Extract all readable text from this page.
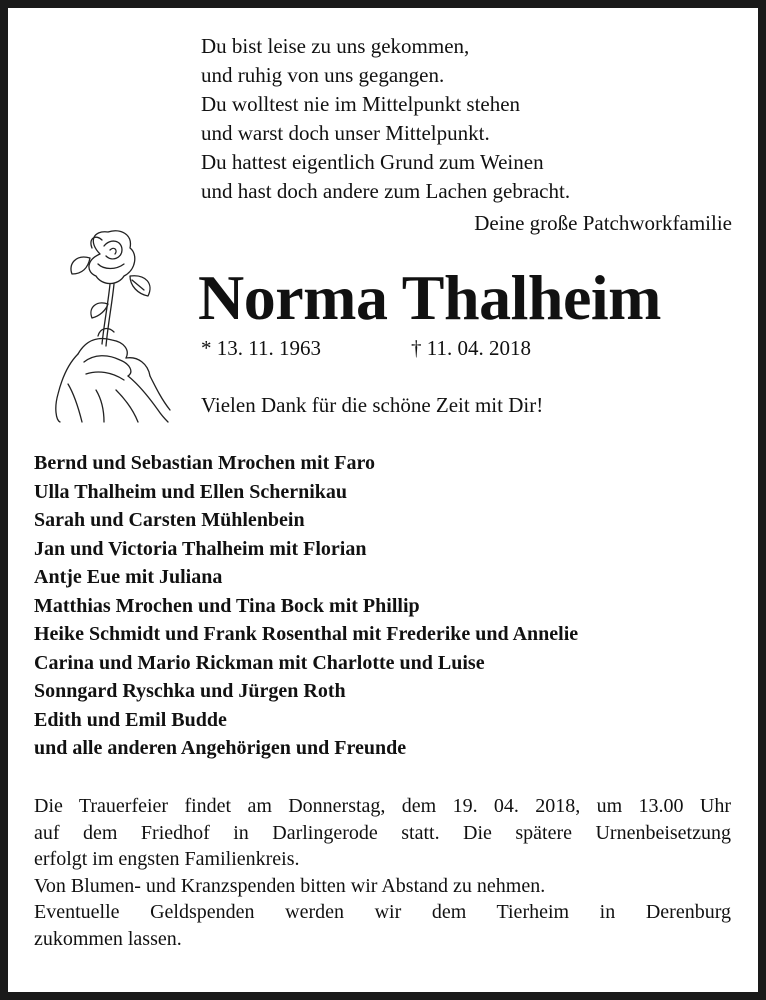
Du bist leise zu uns gekommen,
und ruhig von uns gegangen.
Du wolltest nie im Mittelpunkt stehen
und warst doch unser Mittelpunkt.
Du hattest eigentlich Grund zum Weinen
und hast doch andere zum Lachen gebracht.
Deine große Patchworkfamilie
Norma Thalheim
* 13. 11. 1963	† 11. 04. 2018
Vielen Dank für die schöne Zeit mit Dir!
Bernd und Sebastian Mrochen mit Faro
Ulla Thalheim und Ellen Schernikau
Sarah und Carsten Mühlenbein
Jan und Victoria Thalheim mit Florian
Antje Eue mit Juliana
Matthias Mrochen und Tina Bock mit Phillip
Heike Schmidt und Frank Rosenthal mit Frederike und Annelie
Carina und Mario Rickman mit Charlotte und Luise
Sonngard Ryschka und Jürgen Roth
Edith und Emil Budde
und alle anderen Angehörigen und Freunde
Die Trauerfeier findet am Donnerstag, dem 19. 04. 2018, um 13.00 Uhr
auf dem Friedhof in Darlingerode statt. Die spätere Urnenbeisetzung
erfolgt im engsten Familienkreis.
Von Blumen- und Kranzspenden bitten wir Abstand zu nehmen.
Eventuelle Geldspenden werden wir dem Tierheim in Derenburg
zukommen lassen.
